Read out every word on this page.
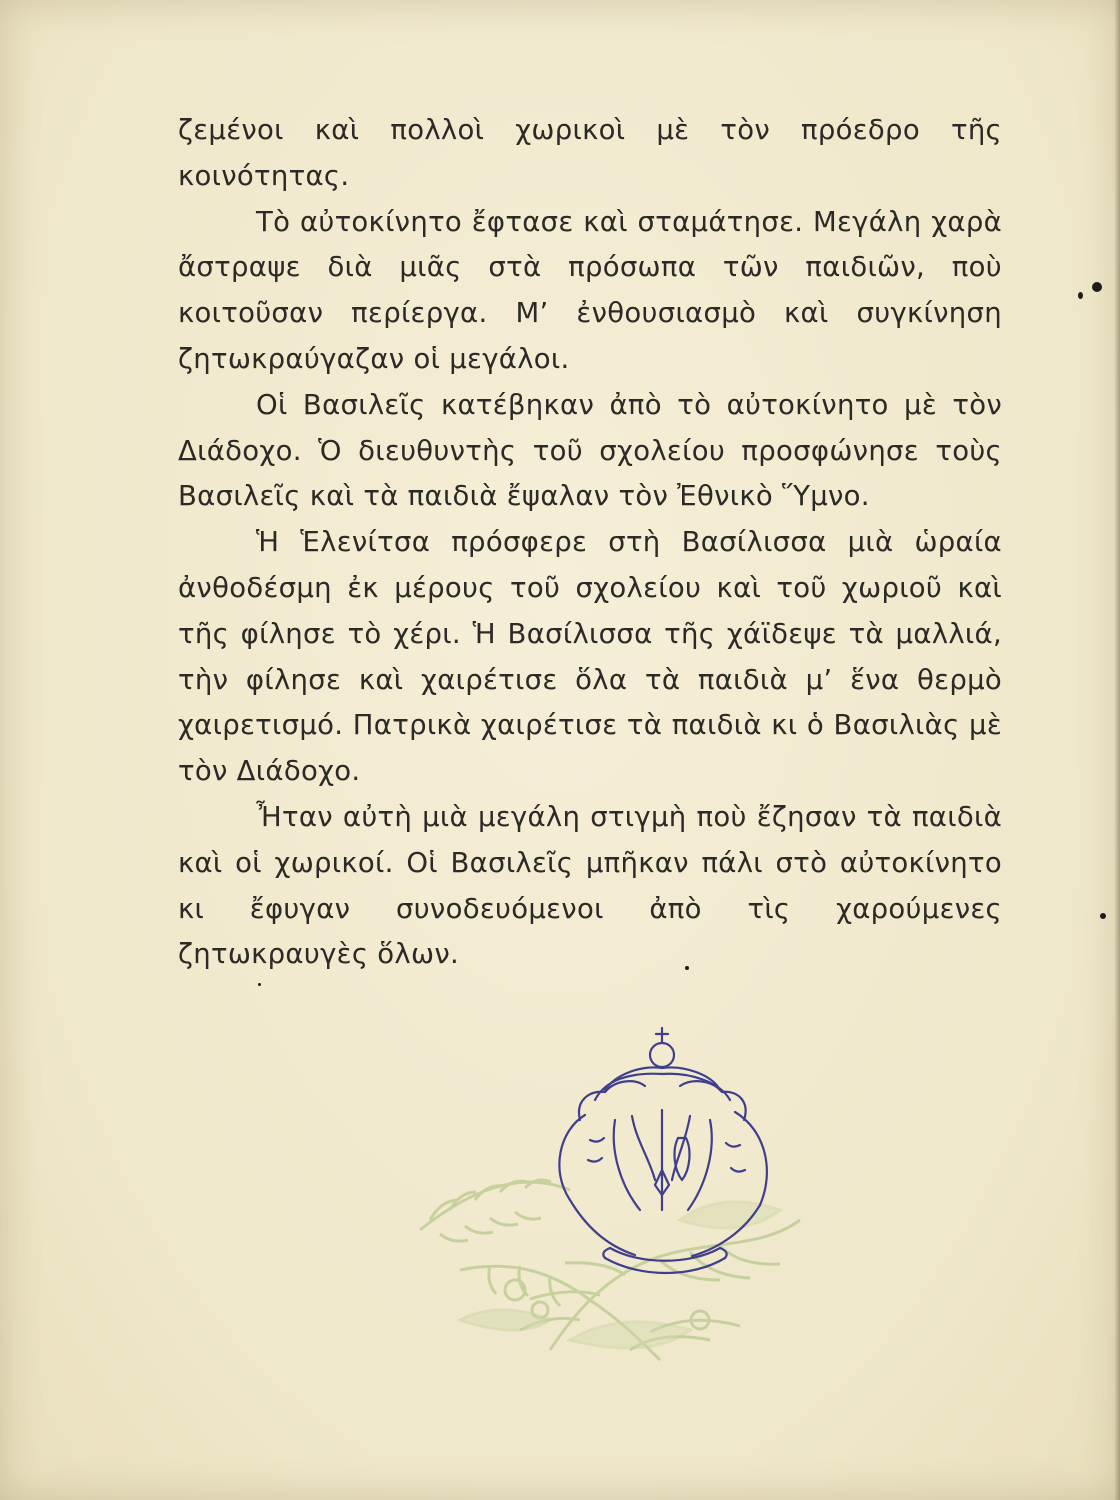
ζεμένοι καὶ πολλοὶ χωρικοὶ μὲ τὸν πρόεδρο τῆς κοινότητας.

Τὸ αὐτοκίνητο ἔφτασε καὶ σταμάτησε. Μεγάλη χαρὰ ἄστραψε διὰ μιᾶς στὰ πρόσωπα τῶν παιδιῶν, ποὺ κοιτοῦσαν περίεργα. Μ’ ἐνθουσιασμὸ καὶ συγκίνηση ζητωκραύγαζαν οἱ μεγάλοι.

Οἱ Βασιλεῖς κατέβηκαν ἀπὸ τὸ αὐτοκίνητο μὲ τὸν Διάδοχο. Ὁ διευθυντὴς τοῦ σχολείου προσφώνησε τοὺς Βασιλεῖς καὶ τὰ παιδιὰ ἔψαλαν τὸν Ἐθνικὸ Ὕμνο.

Ἡ Ἑλενίτσα πρόσφερε στὴ Βασίλισσα μιὰ ὡραία ἀνθοδέσμη ἐκ μέρους τοῦ σχολείου καὶ τοῦ χωριοῦ καὶ τῆς φίλησε τὸ χέρι. Ἡ Βασίλισσα τῆς χάϊδεψε τὰ μαλλιά, τὴν φίλησε καὶ χαιρέτισε ὅλα τὰ παιδιὰ μ’ ἕνα θερμὸ χαιρετισμό. Πατρικὰ χαιρέτισε τὰ παιδιὰ κι ὁ Βασιλιὰς μὲ τὸν Διάδοχο.

Ἦταν αὐτὴ μιὰ μεγάλη στιγμὴ ποὺ ἔζησαν τὰ παιδιὰ καὶ οἱ χωρικοί. Οἱ Βασιλεῖς μπῆκαν πάλι στὸ αὐτοκίνητο κι ἔφυγαν συνοδευόμενοι ἀπὸ τὶς χαρούμενες ζητωκραυγὲς ὅλων.
